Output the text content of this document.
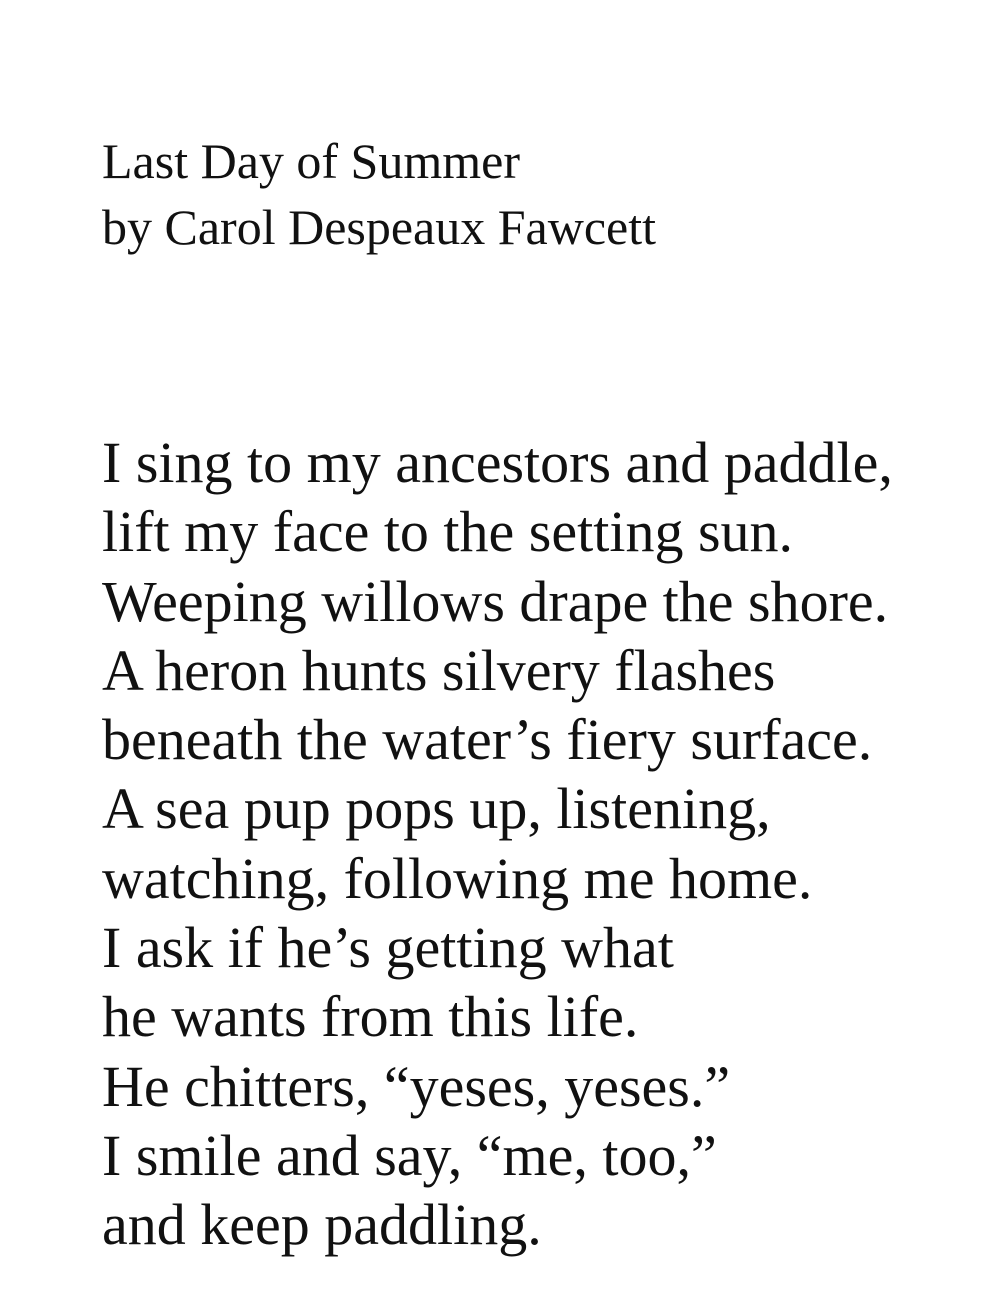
Last Day of Summer
by Carol Despeaux Fawcett
I sing to my ancestors and paddle,
lift my face to the setting sun.
Weeping willows drape the shore.
A heron hunts silvery flashes
beneath the water’s fiery surface.
A sea pup pops up, listening,
watching, following me home.
I ask if he’s getting what
he wants from this life.
He chitters, “yeses, yeses.”
I smile and say, “me, too,”
and keep paddling.
